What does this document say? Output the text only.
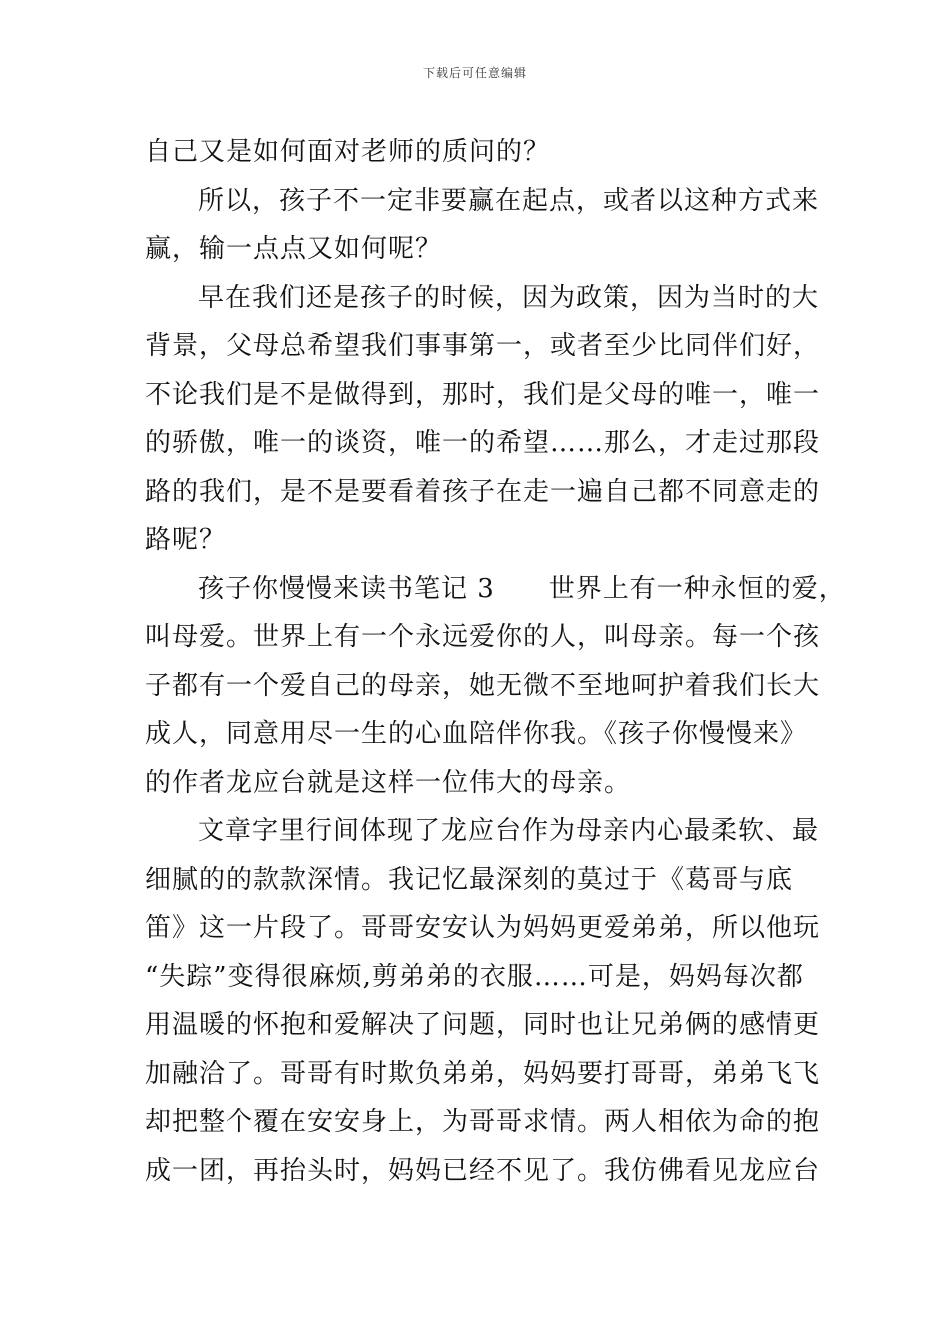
下载后可任意编辑
自己又是如何面对老师的质问的？
所以，孩子不一定非要赢在起点，或者以这种方式来
赢，输一点点又如何呢？
早在我们还是孩子的时候，因为政策，因为当时的大
背景，父母总希望我们事事第一，或者至少比同伴们好，
不论我们是不是做得到，那时，我们是父母的唯一，唯一
的骄傲，唯一的谈资，唯一的希望……那么，才走过那段
路的我们，是不是要看着孩子在走一遍自己都不同意走的
路呢？
孩子你慢慢来读书笔记 3　　世界上有一种永恒的爱，
叫母爱。世界上有一个永远爱你的人，叫母亲。每一个孩
子都有一个爱自己的母亲，她无微不至地呵护着我们长大
成人，同意用尽一生的心血陪伴你我。《孩子你慢慢来》
的作者龙应台就是这样一位伟大的母亲。
文章字里行间体现了龙应台作为母亲内心最柔软、最
细腻的的款款深情。我记忆最深刻的莫过于《葛哥与底
笛》这一片段了。哥哥安安认为妈妈更爱弟弟，所以他玩
“失踪”变得很麻烦,剪弟弟的衣服……可是，妈妈每次都
用温暖的怀抱和爱解决了问题，同时也让兄弟俩的感情更
加融洽了。哥哥有时欺负弟弟，妈妈要打哥哥，弟弟飞飞
却把整个覆在安安身上，为哥哥求情。两人相依为命的抱
成一团，再抬头时，妈妈已经不见了。我仿佛看见龙应台
